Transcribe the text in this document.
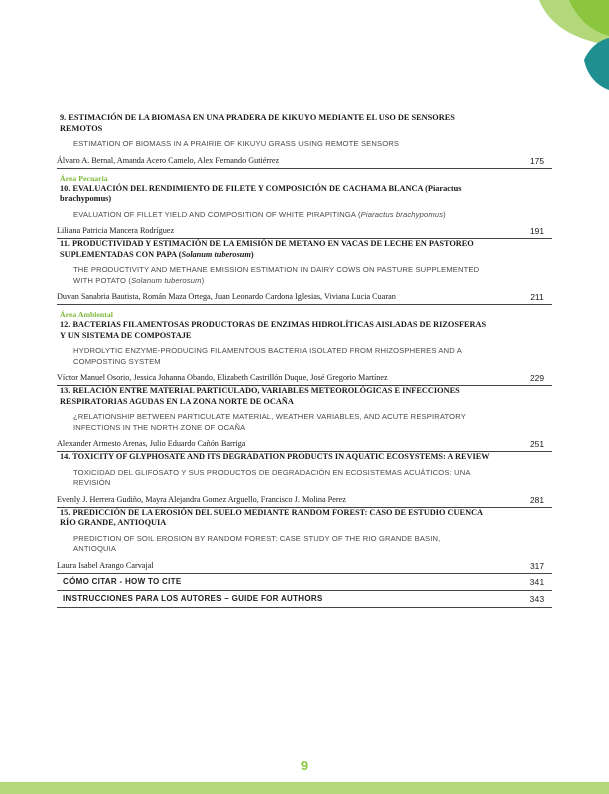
9. ESTIMACIÓN DE LA BIOMASA EN UNA PRADERA DE KIKUYO MEDIANTE EL USO DE SENSORES REMOTOS
ESTIMATION OF BIOMASS IN A PRAIRIE OF KIKUYU GRASS USING REMOTE SENSORS
Álvaro A. Bernal, Amanda Acero Camelo, Alex Fernando Gutiérrez	175
Área Pecuaria
10. EVALUACIÓN DEL RENDIMIENTO DE FILETE Y COMPOSICIÓN DE CACHAMA BLANCA (Piaractus brachypomus)
EVALUATION OF FILLET YIELD AND COMPOSITION OF WHITE PIRAPITINGA (Piaractus brachypomus)
Liliana Patricia Mancera Rodríguez	191
11. PRODUCTIVIDAD Y ESTIMACIÓN DE LA EMISIÓN DE METANO EN VACAS DE LECHE EN PASTOREO SUPLEMENTADAS CON PAPA (Solanum tuberosum)
THE PRODUCTIVITY AND METHANE EMISSION ESTIMATION IN DAIRY COWS ON PASTURE SUPPLEMENTED WITH POTATO (Solanum tuberosum)
Duvan Sanabria Bautista, Román Maza Ortega, Juan Leonardo Cardona Iglesias, Viviana Lucia Cuaran	211
Área Ambiental
12. BACTERIAS FILAMENTOSAS PRODUCTORAS DE ENZIMAS HIDROLÍTICAS AISLADAS DE RIZOSFERAS Y UN SISTEMA DE COMPOSTAJE
HYDROLYTIC ENZYME-PRODUCING FILAMENTOUS BACTERIA ISOLATED FROM RHIZOSPHERES AND A COMPOSTING SYSTEM
Víctor Manuel Osorio, Jessica Johanna Obando, Elizabeth Castrillón Duque, José Gregorio Martínez	229
13. RELACIÓN ENTRE MATERIAL PARTICULADO, VARIABLES METEOROLÓGICAS E INFECCIONES RESPIRATORIAS AGUDAS EN LA ZONA NORTE DE OCAÑA
¿RELATIONSHIP BETWEEN PARTICULATE MATERIAL, WEATHER VARIABLES, AND ACUTE RESPIRATORY INFECTIONS IN THE NORTH ZONE OF OCAÑA
Alexander Armesto Arenas, Julio Eduardo Cañón Barriga	251
14. TOXICITY OF GLYPHOSATE AND ITS DEGRADATION PRODUCTS IN AQUATIC ECOSYSTEMS: A REVIEW
TOXICIDAD DEL GLIFOSATO Y SUS PRODUCTOS DE DEGRADACIÓN EN ECOSISTEMAS ACUÁTICOS: UNA REVISIÓN
Evenly J. Herrera Gudiño, Mayra Alejandra Gomez Arguello, Francisco J. Molina Perez	281
15. PREDICCIÓN DE LA EROSIÓN DEL SUELO MEDIANTE RANDOM FOREST: CASO DE ESTUDIO CUENCA RÍO GRANDE, ANTIOQUIA
PREDICTION OF SOIL EROSION BY RANDOM FOREST: CASE STUDY OF THE RIO GRANDE BASIN, ANTIOQUIA
Laura Isabel Arango Carvajal	317
CÓMO CITAR - HOW TO CITE	341
INSTRUCCIONES PARA LOS AUTORES – GUIDE FOR AUTHORS	343
9
